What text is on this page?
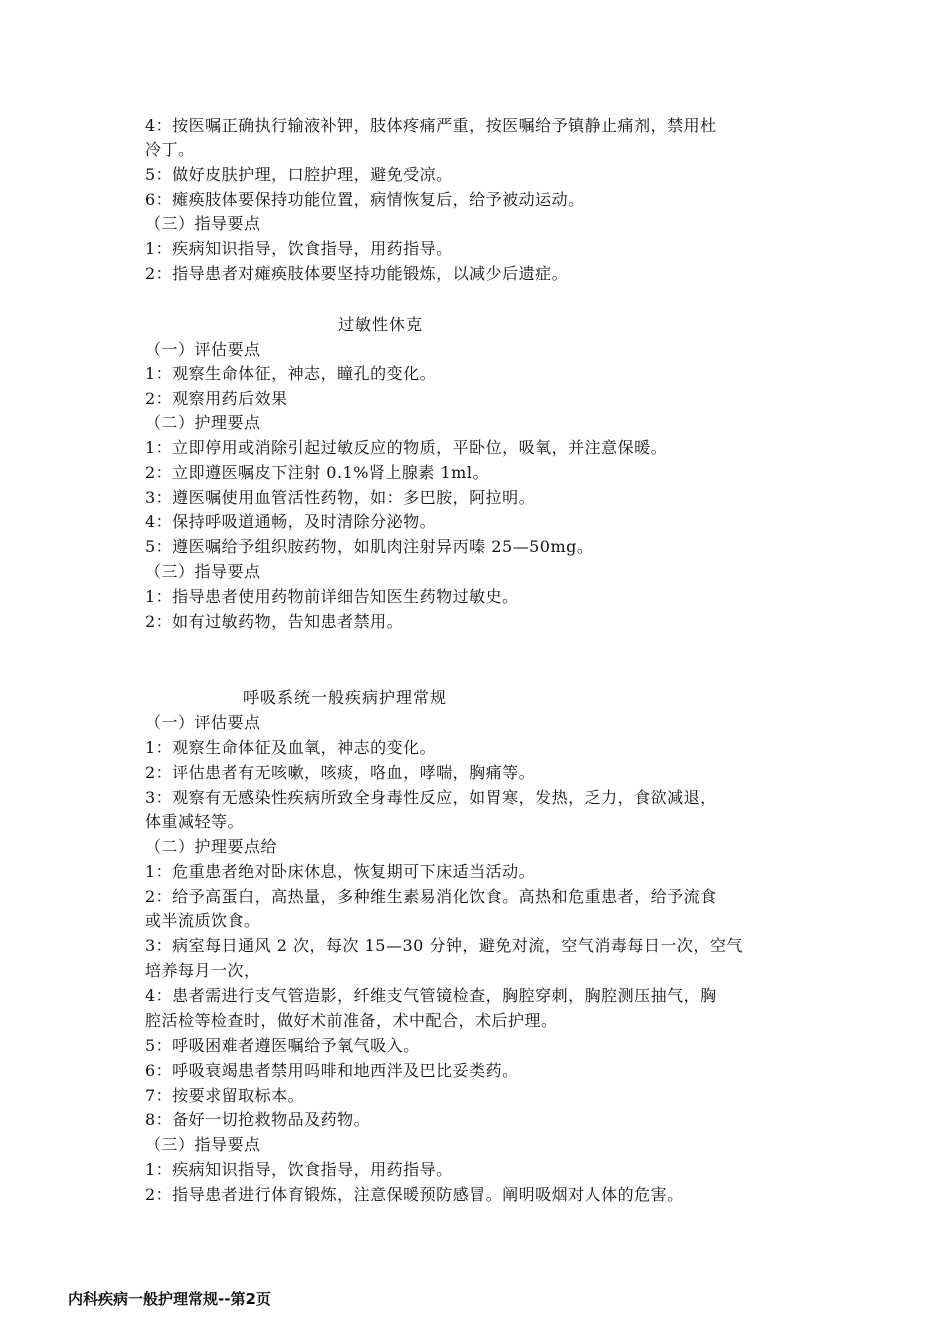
4：按医嘱正确执行输液补钾，肢体疼痛严重，按医嘱给予镇静止痛剂，禁用杜

冷丁。

5：做好皮肤护理，口腔护理，避免受凉。

6：瘫痪肢体要保持功能位置，病情恢复后，给予被动运动。

（三）指导要点

1：疾病知识指导，饮食指导，用药指导。

2：指导患者对瘫痪肢体要坚持功能锻炼，以减少后遗症。

过敏性休克

（一）评估要点

1：观察生命体征，神志，瞳孔的变化。

2：观察用药后效果

（二）护理要点

1：立即停用或消除引起过敏反应的物质，平卧位，吸氧，并注意保暖。

2：立即遵医嘱皮下注射 0.1%肾上腺素 1ml。

3：遵医嘱使用血管活性药物，如：多巴胺，阿拉明。

4：保持呼吸道通畅，及时清除分泌物。

5：遵医嘱给予组织胺药物，如肌肉注射异丙嗪 25—50mg。

（三）指导要点

1：指导患者使用药物前详细告知医生药物过敏史。

2：如有过敏药物，告知患者禁用。

呼吸系统一般疾病护理常规

（一）评估要点

1：观察生命体征及血氧，神志的变化。

2：评估患者有无咳嗽，咳痰，咯血，哮喘，胸痛等。

3：观察有无感染性疾病所致全身毒性反应，如胃寒，发热，乏力，食欲减退，

体重减轻等。

（二）护理要点给

1：危重患者绝对卧床休息，恢复期可下床适当活动。

2：给予高蛋白，高热量，多种维生素易消化饮食。高热和危重患者，给予流食

或半流质饮食。

3：病室每日通风 2 次，每次 15—30 分钟，避免对流，空气消毒每日一次，空气

培养每月一次，

4：患者需进行支气管造影，纤维支气管镜检查，胸腔穿刺，胸腔测压抽气，胸

腔活检等检查时，做好术前准备，术中配合，术后护理。

5：呼吸困难者遵医嘱给予氧气吸入。

6：呼吸衰竭患者禁用吗啡和地西泮及巴比妥类药。

7：按要求留取标本。

8：备好一切抢救物品及药物。

（三）指导要点

1：疾病知识指导，饮食指导，用药指导。

2：指导患者进行体育锻炼，注意保暖预防感冒。阐明吸烟对人体的危害。

内科疾病一般护理常规--第2页
